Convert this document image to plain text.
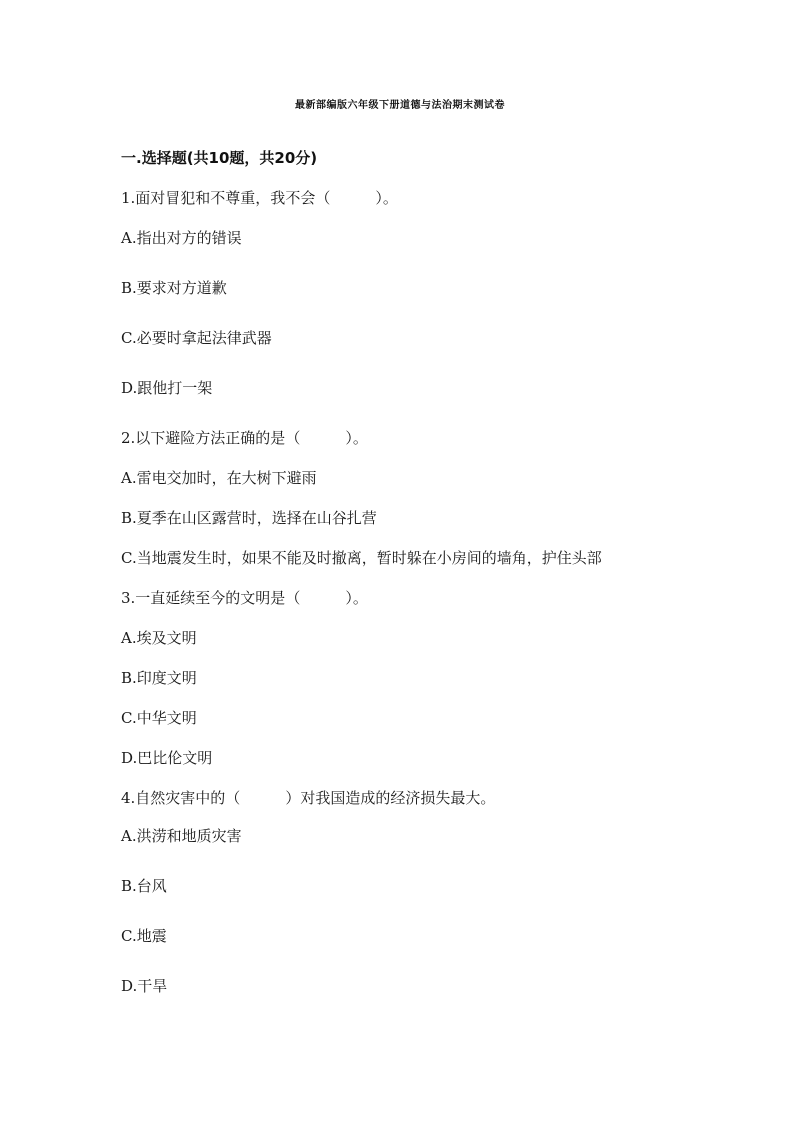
最新部编版六年级下册道德与法治期末测试卷
一.选择题(共10题，共20分)
1.面对冒犯和不尊重，我不会（　　　）。
A.指出对方的错误
B.要求对方道歉
C.必要时拿起法律武器
D.跟他打一架
2.以下避险方法正确的是（　　　）。
A.雷电交加时，在大树下避雨
B.夏季在山区露营时，选择在山谷扎营
C.当地震发生时，如果不能及时撤离，暂时躲在小房间的墙角，护住头部
3.一直延续至今的文明是（　　　）。
A.埃及文明
B.印度文明
C.中华文明
D.巴比伦文明
4.自然灾害中的（　　　）对我国造成的经济损失最大。
A.洪涝和地质灾害
B.台风
C.地震
D.干旱
